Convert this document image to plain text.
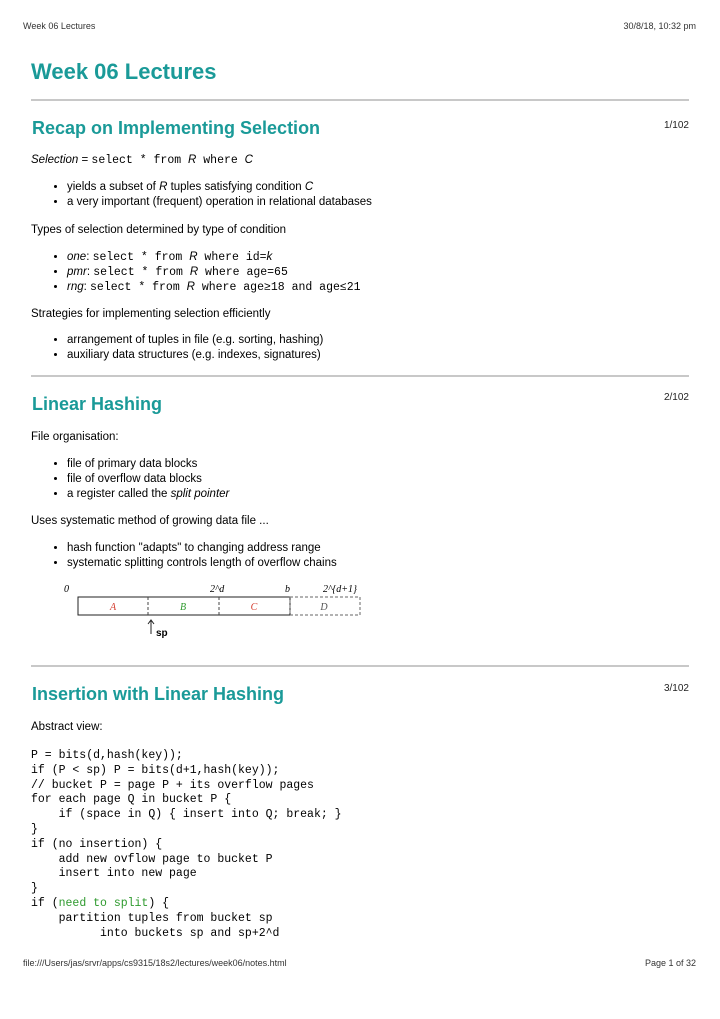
Week 06 Lectures	30/8/18, 10:32 pm
Week 06 Lectures
Recap on Implementing Selection	1/102
Selection = select * from R where C
• yields a subset of R tuples satisfying condition C
• a very important (frequent) operation in relational databases
Types of selection determined by type of condition
• one: select * from R where id=k
• pmr: select * from R where age=65
• rng: select * from R where age≥18 and age≤21
Strategies for implementing selection efficiently
• arrangement of tuples in file (e.g. sorting, hashing)
• auxiliary data structures (e.g. indexes, signatures)
Linear Hashing	2/102
File organisation:
• file of primary data blocks
• file of overflow data blocks
• a register called the split pointer
Uses systematic method of growing data file ...
• hash function "adapts" to changing address range
• systematic splitting controls length of overflow chains
0	2^d	b	2^{d+1}
A	B	C	D
sp
Insertion with Linear Hashing	3/102
Abstract view:
P = bits(d,hash(key));
if (P < sp) P = bits(d+1,hash(key));
// bucket P = page P + its overflow pages
for each page Q in bucket P {
if (space in Q) { insert into Q; break; }
}
if (no insertion) {
add new ovflow page to bucket P
insert into new page
}
if (need to split) {
partition tuples from bucket sp
into buckets sp and sp+2^d
file:///Users/jas/srvr/apps/cs9315/18s2/lectures/week06/notes.html	Page 1 of 32
